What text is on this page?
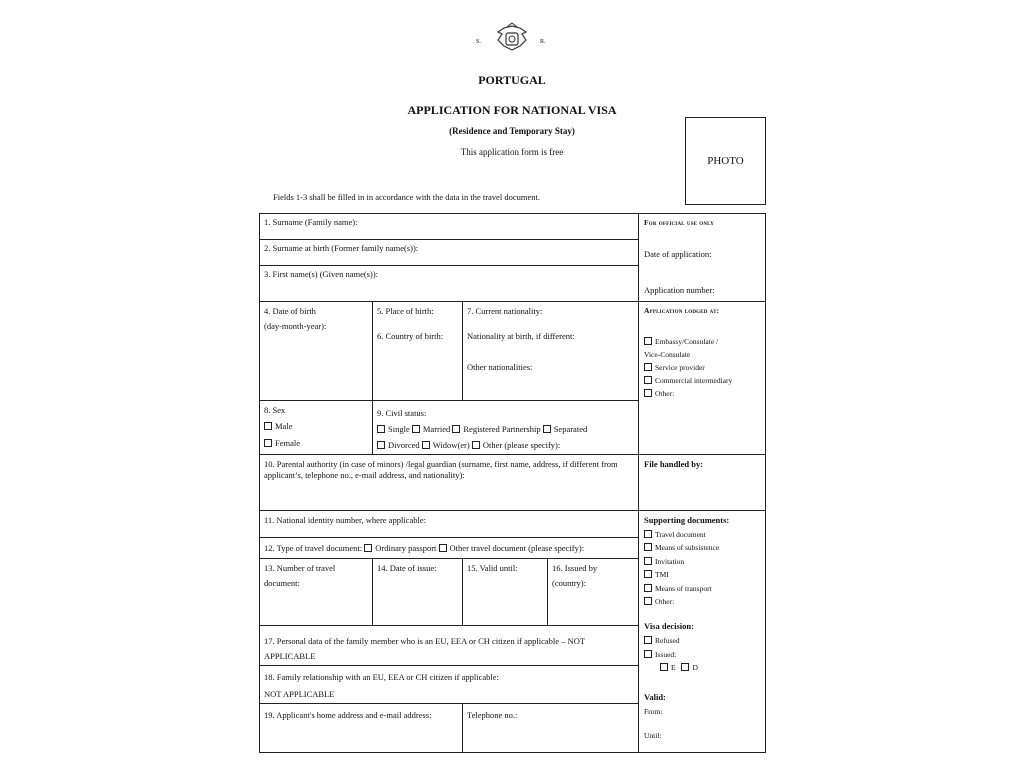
S.	R.
PORTUGAL
APPLICATION FOR NATIONAL VISA
(Residence and Temporary Stay)
This application form is free
PHOTO
Fields 1-3 shall be filled in in accordance with the data in the travel document.
1. Surname (Family name):
2. Surname at birth (Former family name(s)):
3. First name(s) (Given name(s)):
4. Date of birth
(day-month-year):
5. Place of birth:
6. Country of birth:
7. Current nationality:
Nationality at birth, if different:
Other nationalities:
8. Sex
Male
Female
9. Civil status:
Single Married Registered Partnership Separated
Divorced Widow(er) Other (please specify):
10. Parental authority (in case of minors) /legal guardian (surname, first name, address, if different from applicant’s, telephone no., e-mail address, and nationality):
11. National identity number, where applicable:
12. Type of travel document: Ordinary passport Other travel document (please specify):
13. Number of travel
document:
14. Date of issue:	15. Valid until:	16. Issued by
(country):
17. Personal data of the family member who is an EU, EEA or CH citizen if applicable – NOT
APPLICABLE
18. Family relationship with an EU, EEA or CH citizen if applicable:
NOT APPLICABLE
19. Applicant's home address and e-mail address:	Telephone no.:
For official use only
Date of application:
Application number:
Application lodged at:
Embassy/Consulate /
Vice-Consulate
Service provider
Commercial intermediary
Other:
File handled by:
Supporting documents:
Travel document
Means of subsistence
Invitation
TMI
Means of transport
Other:
Visa decision:
Refused
Issued:
E D
Valid:
From:
Until:
